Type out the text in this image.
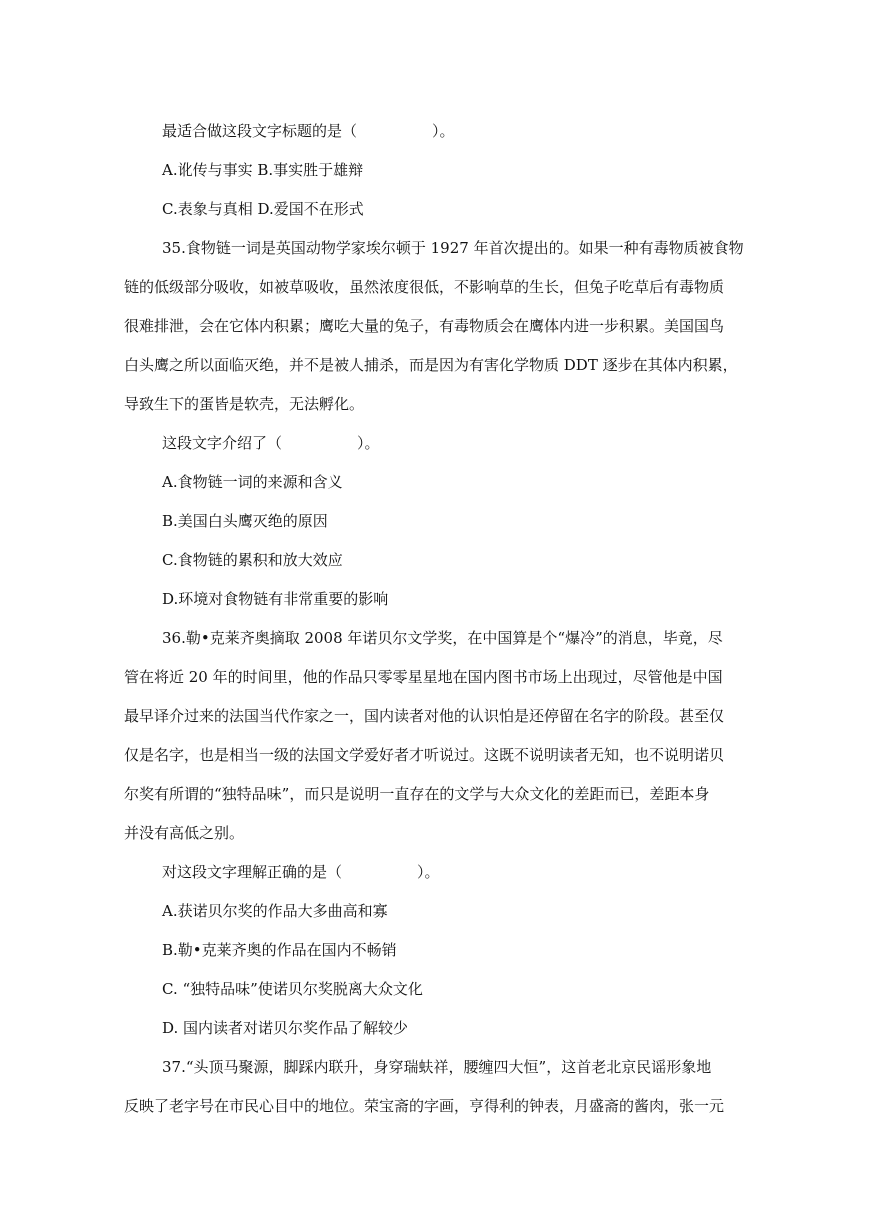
最适合做这段文字标题的是（　　　　　）。
A.讹传与事实 B.事实胜于雄辩
C.表象与真相 D.爱国不在形式
35.食物链一词是英国动物学家埃尔顿于 1927 年首次提出的。如果一种有毒物质被食物
链的低级部分吸收，如被草吸收，虽然浓度很低，不影响草的生长，但兔子吃草后有毒物质
很难排泄，会在它体内积累；鹰吃大量的兔子，有毒物质会在鹰体内进一步积累。美国国鸟
白头鹰之所以面临灭绝，并不是被人捕杀，而是因为有害化学物质 DDT 逐步在其体内积累，
导致生下的蛋皆是软壳，无法孵化。
这段文字介绍了（　　　　　）。
A.食物链一词的来源和含义
B.美国白头鹰灭绝的原因
C.食物链的累积和放大效应
D.环境对食物链有非常重要的影响
36.勒•克莱齐奥摘取 2008 年诺贝尔文学奖，在中国算是个“爆冷”的消息，毕竟，尽
管在将近 20 年的时间里，他的作品只零零星星地在国内图书市场上出现过，尽管他是中国
最早译介过来的法国当代作家之一，国内读者对他的认识怕是还停留在名字的阶段。甚至仅
仅是名字，也是相当一级的法国文学爱好者才听说过。这既不说明读者无知，也不说明诺贝
尔奖有所谓的“独特品味”，而只是说明一直存在的文学与大众文化的差距而已，差距本身
并没有高低之别。
对这段文字理解正确的是（　　　　　）。
A.获诺贝尔奖的作品大多曲高和寡
B.勒•克莱齐奥的作品在国内不畅销
C. “独特品味”使诺贝尔奖脱离大众文化
D. 国内读者对诺贝尔奖作品了解较少
37.“头顶马聚源，脚踩内联升，身穿瑞蚨祥，腰缠四大恒”，这首老北京民谣形象地
反映了老字号在市民心目中的地位。荣宝斋的字画，亨得利的钟表，月盛斋的酱肉，张一元
